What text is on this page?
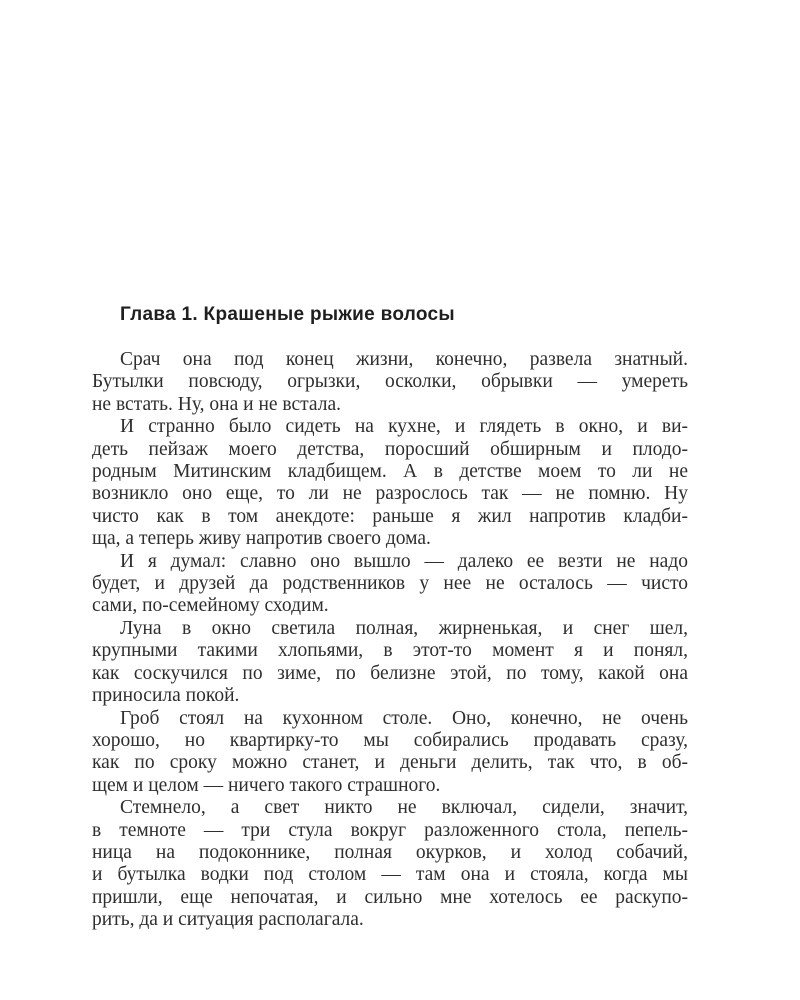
Глава 1. Крашеные рыжие волосы

Срач она под конец жизни, конечно, развела знатный.
Бутылки повсюду, огрызки, осколки, обрывки — умереть
не встать. Ну, она и не встала.

И странно было сидеть на кухне, и глядеть в окно, и ви-
деть пейзаж моего детства, поросший обширным и плодо-
родным Митинским кладбищем. А в детстве моем то ли не
возникло оно еще, то ли не разрослось так — не помню. Ну
чисто как в том анекдоте: раньше я жил напротив кладби-
ща, а теперь живу напротив своего дома.

И я думал: славно оно вышло — далеко ее везти не надо
будет, и друзей да родственников у нее не осталось — чисто
сами, по-семейному сходим.

Луна в окно светила полная, жирненькая, и снег шел,
крупными такими хлопьями, в этот-то момент я и понял,
как соскучился по зиме, по белизне этой, по тому, какой она
приносила покой.

Гроб стоял на кухонном столе. Оно, конечно, не очень
хорошо, но квартирку-то мы собирались продавать сразу,
как по сроку можно станет, и деньги делить, так что, в об-
щем и целом — ничего такого страшного.

Стемнело, а свет никто не включал, сидели, значит,
в темноте — три стула вокруг разложенного стола, пепель-
ница на подоконнике, полная окурков, и холод собачий,
и бутылка водки под столом — там она и стояла, когда мы
пришли, еще непочатая, и сильно мне хотелось ее раскупо-
рить, да и ситуация располагала.
